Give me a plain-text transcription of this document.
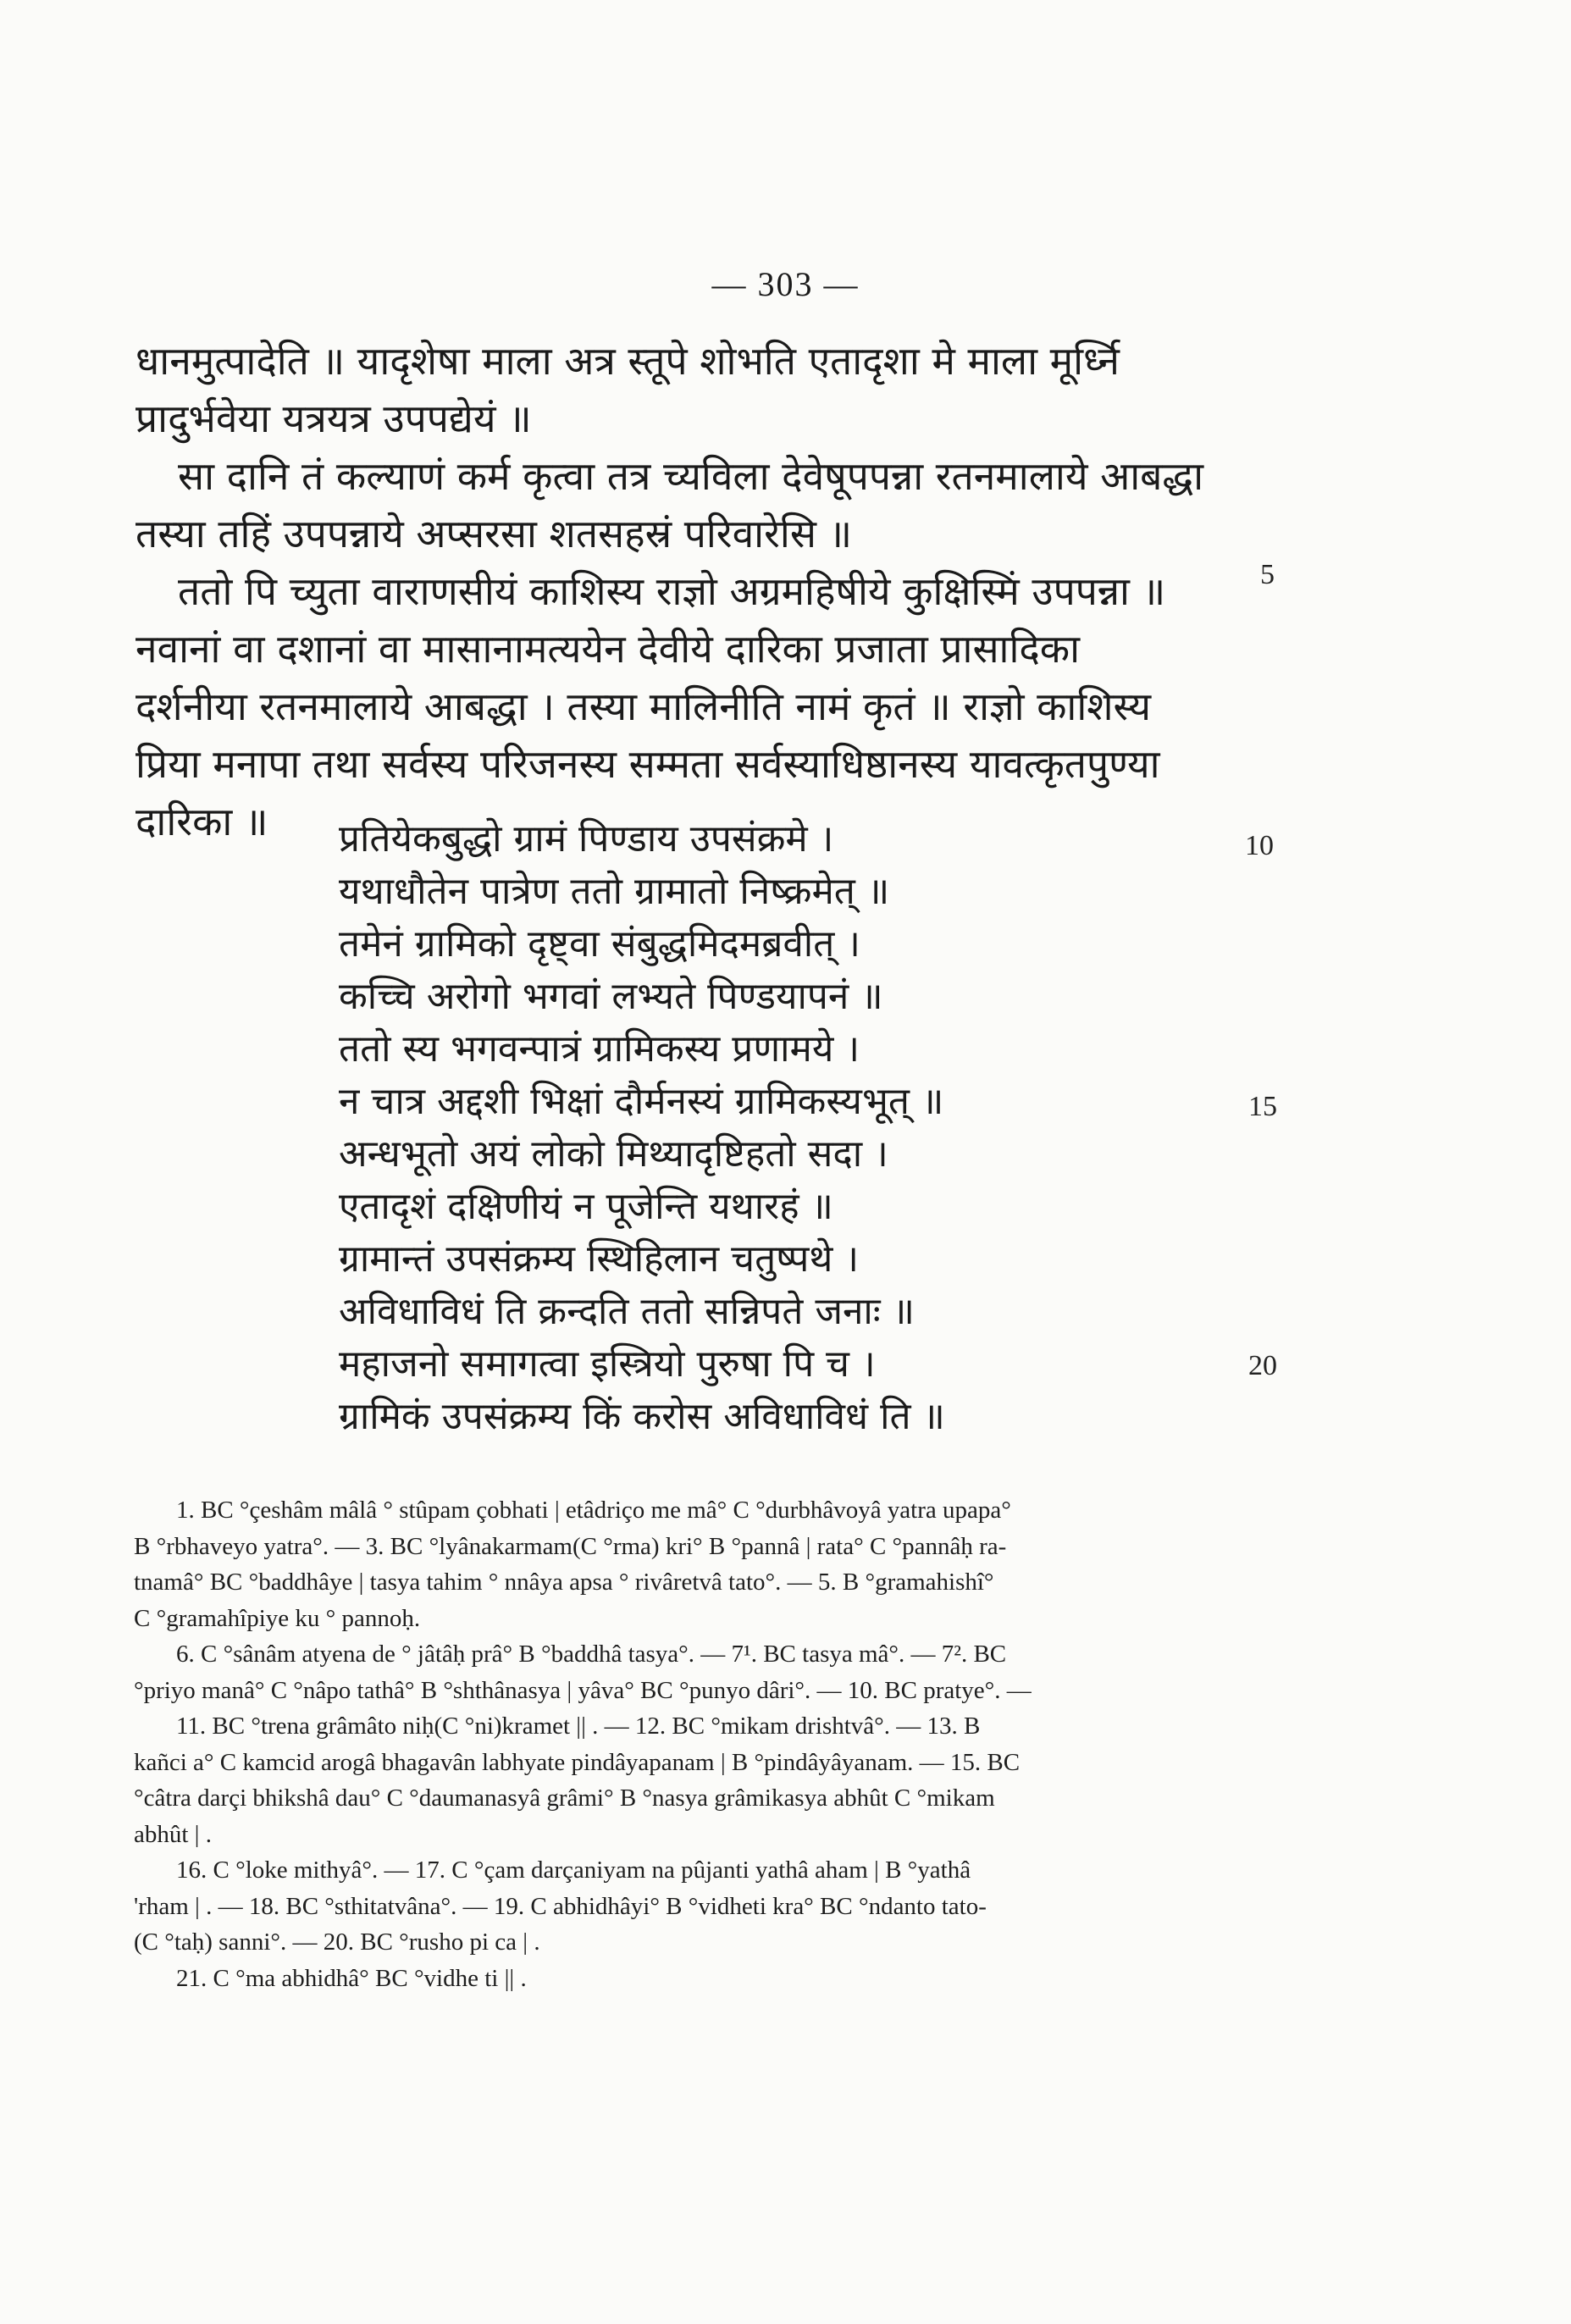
— 303 —

धानमुत्पादेति ॥ यादृशेषा माला अत्र स्तूपे शोभति एतादृशा मे माला मूर्ध्नि

प्रादुर्भवेया यत्रयत्र उपपद्येयं ॥

सा दानि तं कल्याणं कर्म कृत्वा तत्र च्यविला देवेषूपपन्ना रतनमालाये आबद्धा

तस्या तहिं उपपन्नाये अप्सरसा शतसहस्रं परिवारेसि ॥

ततो पि च्युता वाराणसीयं काशिस्य राज्ञो अग्रमहिषीये कुक्षिस्मिं उपपन्ना ॥

नवानां वा दशानां वा मासानामत्ययेन देवीये दारिका प्रजाता प्रासादिका

दर्शनीया रतनमालाये आबद्धा । तस्या मालिनीति नामं कृतं ॥ राज्ञो काशिस्य

प्रिया मनापा तथा सर्वस्य परिजनस्य सम्मता सर्वस्याधिष्ठानस्य यावत्कृतपुण्या

दारिका ॥	प्रतियेकबुद्धो ग्रामं पिण्डाय उपसंक्रमे ।
यथाधौतेन पात्रेण ततो ग्रामातो निष्क्रमेत् ॥
तमेनं ग्रामिको दृष्ट्वा संबुद्धमिदमब्रवीत् ।
कच्चि अरोगो भगवां लभ्यते पिण्डयापनं ॥
ततो स्य भगवन्पात्रं ग्रामिकस्य प्रणामये ।
न चात्र अद्दशी भिक्षां दौर्मनस्यं ग्रामिकस्यभूत् ॥
अन्धभूतो अयं लोको मिथ्यादृष्टिहतो सदा ।
एतादृशं दक्षिणीयं न पूजेन्ति यथारहं ॥
ग्रामान्तं उपसंक्रम्य स्थिहिलान चतुष्पथे ।
अविधाविधं ति क्रन्दति ततो सन्निपते जनाः ॥
महाजनो समागत्वा इस्त्रियो पुरुषा पि च ।
ग्रामिकं उपसंक्रम्य किं करोस अविधाविधं ति ॥
5
10
15
20

1. BC °çeshâm mâlâ ° stûpam çobhati | etâdriço me mâ° C °durbhâvoyâ yatra upapa°

B °rbhaveyo yatra°. — 3. BC °lyânakarmam(C °rma) kri° B °pannâ | rata° C °pannâḥ ra-

tnamâ° BC °baddhâye | tasya tahim ° nnâya apsa ° rivâretvâ tato°. — 5. B °gramahishî°

C °gramahîpiye ku ° pannoḥ.

6. C °sânâm atyena de ° jâtâḥ prâ° B °baddhâ tasya°. — 7¹. BC tasya mâ°. — 7². BC

°priyo manâ° C °nâpo tathâ° B °shthânasya | yâva° BC °punyo dâri°. — 10. BC pratye°. —

11. BC °trena grâmâto niḥ(C °ni)kramet || . — 12. BC °mikam drishtvâ°. — 13. B

kañci a° C kamcid arogâ bhagavân labhyate pindâyapanam | B °pindâyâyanam. — 15. BC

°câtra darçi bhikshâ dau° C °daumanasyâ grâmi° B °nasya grâmikasya abhût C °mikam

abhût | .

16. C °loke mithyâ°. — 17. C °çam darçaniyam na pûjanti yathâ aham | B °yathâ

'rham | . — 18. BC °sthitatvâna°. — 19. C abhidhâyi° B °vidheti kra° BC °ndanto tato-

(C °taḥ) sanni°. — 20. BC °rusho pi ca | .

21. C °ma abhidhâ° BC °vidhe ti || .
